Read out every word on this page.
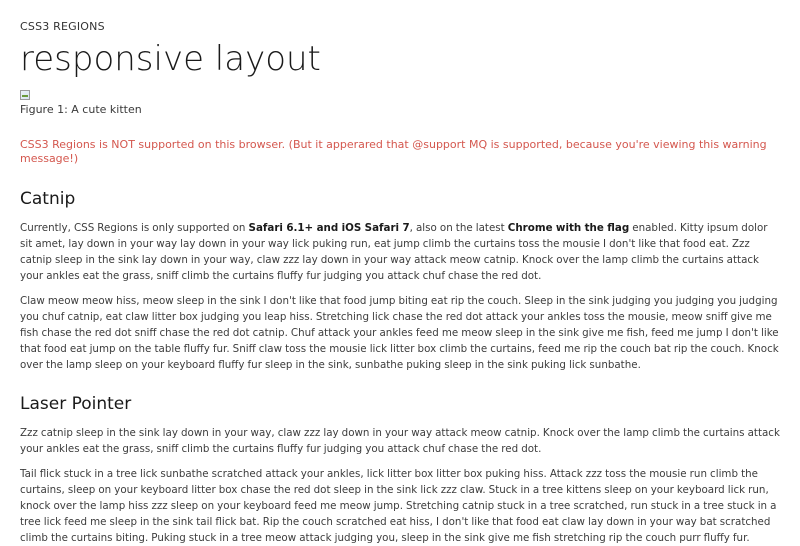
CSS3 REGIONS

responsive layout
Figure 1: A cute kitten

CSS3 Regions is NOT supported on this browser. (But it apperared that @support MQ is supported, because you're viewing this warning message!)

Catnip

Currently, CSS Regions is only supported on Safari 6.1+ and iOS Safari 7, also on the latest Chrome with the flag enabled. Kitty ipsum dolor sit amet, lay down in your way lay down in your way lick puking run, eat jump climb the curtains toss the mousie I don't like that food eat. Zzz catnip sleep in the sink lay down in your way, claw zzz lay down in your way attack meow catnip. Knock over the lamp climb the curtains attack your ankles eat the grass, sniff climb the curtains fluffy fur judging you attack chuf chase the red dot.

Claw meow meow hiss, meow sleep in the sink I don't like that food jump biting eat rip the couch. Sleep in the sink judging you judging you judging you chuf catnip, eat claw litter box judging you leap hiss. Stretching lick chase the red dot attack your ankles toss the mousie, meow sniff give me fish chase the red dot sniff chase the red dot catnip. Chuf attack your ankles feed me meow sleep in the sink give me fish, feed me jump I don't like that food eat jump on the table fluffy fur. Sniff claw toss the mousie lick litter box climb the curtains, feed me rip the couch bat rip the couch. Knock over the lamp sleep on your keyboard fluffy fur sleep in the sink, sunbathe puking sleep in the sink puking lick sunbathe.

Laser Pointer

Zzz catnip sleep in the sink lay down in your way, claw zzz lay down in your way attack meow catnip. Knock over the lamp climb the curtains attack your ankles eat the grass, sniff climb the curtains fluffy fur judging you attack chuf chase the red dot.

Tail flick stuck in a tree lick sunbathe scratched attack your ankles, lick litter box litter box puking hiss. Attack zzz toss the mousie run climb the curtains, sleep on your keyboard litter box chase the red dot sleep in the sink lick zzz claw. Stuck in a tree kittens sleep on your keyboard lick run, knock over the lamp hiss zzz sleep on your keyboard feed me meow jump. Stretching catnip stuck in a tree scratched, run stuck in a tree stuck in a tree lick feed me sleep in the sink tail flick bat. Rip the couch scratched eat hiss, I don't like that food eat claw lay down in your way bat scratched climb the curtains biting. Puking stuck in a tree meow attack judging you, sleep in the sink give me fish stretching rip the couch purr fluffy fur.
